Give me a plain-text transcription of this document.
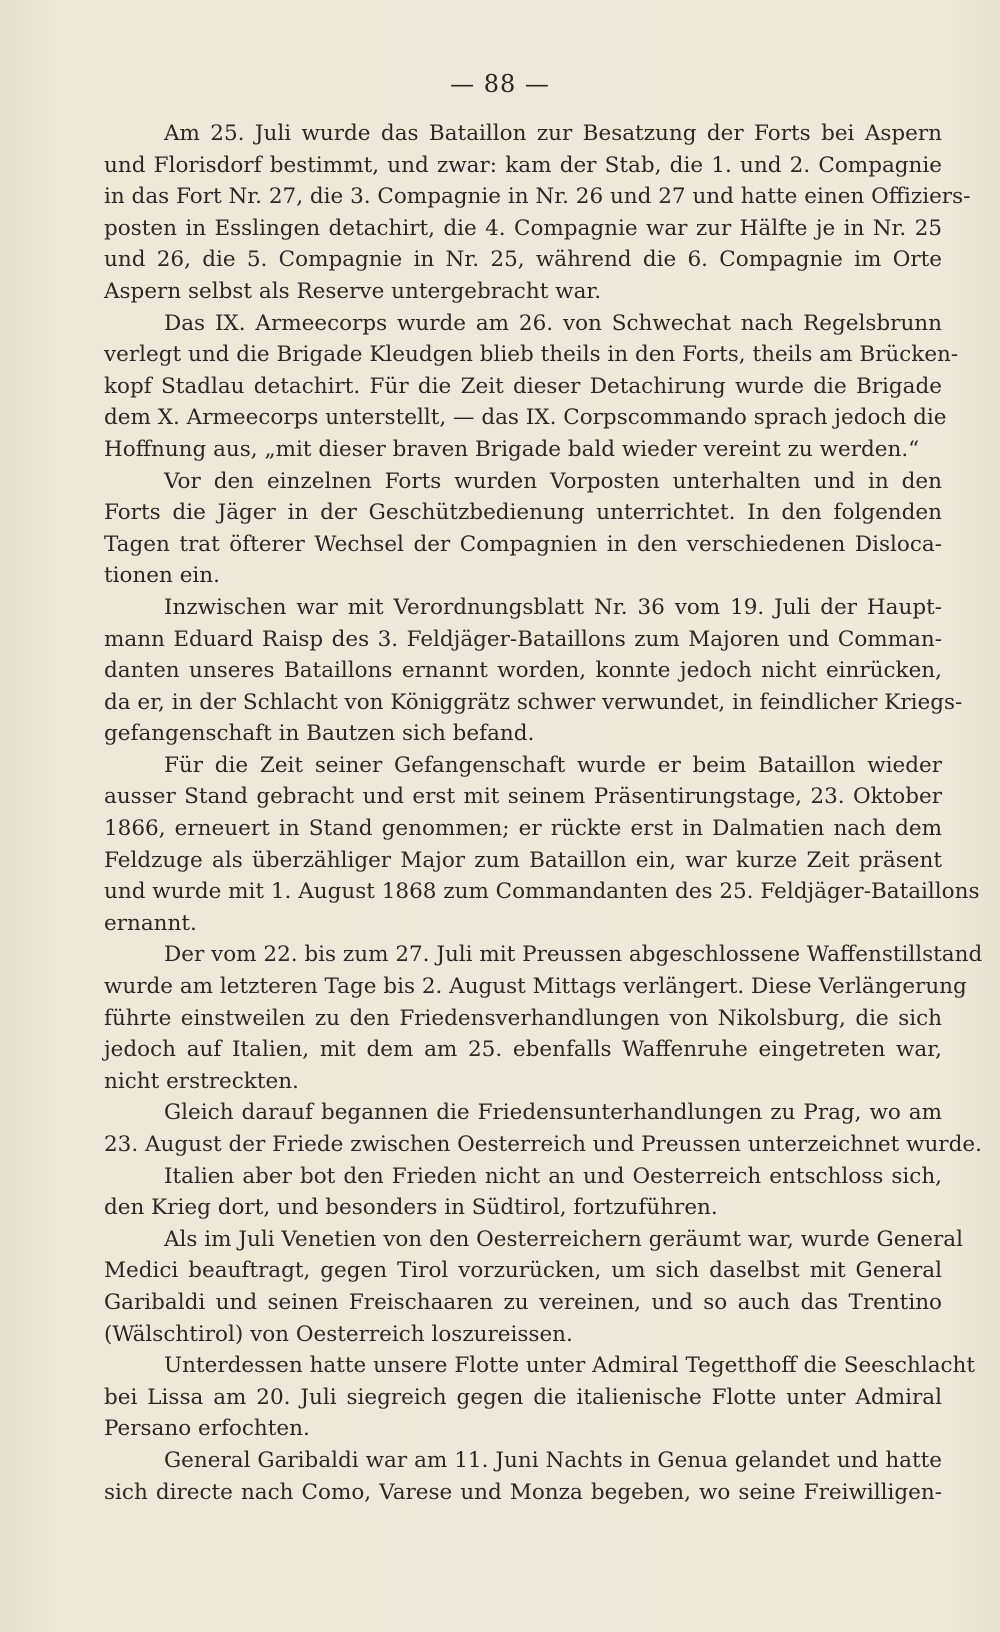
— 88 —
Am 25. Juli wurde das Bataillon zur Besatzung der Forts bei Aspern
und Florisdorf bestimmt, und zwar: kam der Stab, die 1. und 2. Compagnie
in das Fort Nr. 27, die 3. Compagnie in Nr. 26 und 27 und hatte einen Offiziers-
posten in Esslingen detachirt, die 4. Compagnie war zur Hälfte je in Nr. 25
und 26, die 5. Compagnie in Nr. 25, während die 6. Compagnie im Orte
Aspern selbst als Reserve untergebracht war.
Das IX. Armeecorps wurde am 26. von Schwechat nach Regelsbrunn
verlegt und die Brigade Kleudgen blieb theils in den Forts, theils am Brücken-
kopf Stadlau detachirt. Für die Zeit dieser Detachirung wurde die Brigade
dem X. Armeecorps unterstellt, — das IX. Corpscommando sprach jedoch die
Hoffnung aus, „mit dieser braven Brigade bald wieder vereint zu werden.“
Vor den einzelnen Forts wurden Vorposten unterhalten und in den
Forts die Jäger in der Geschützbedienung unterrichtet. In den folgenden
Tagen trat öfterer Wechsel der Compagnien in den verschiedenen Disloca-
tionen ein.
Inzwischen war mit Verordnungsblatt Nr. 36 vom 19. Juli der Haupt-
mann Eduard Raisp des 3. Feldjäger-Bataillons zum Majoren und Comman-
danten unseres Bataillons ernannt worden, konnte jedoch nicht einrücken,
da er, in der Schlacht von Königgrätz schwer verwundet, in feindlicher Kriegs-
gefangenschaft in Bautzen sich befand.
Für die Zeit seiner Gefangenschaft wurde er beim Bataillon wieder
ausser Stand gebracht und erst mit seinem Präsentirungstage, 23. Oktober
1866, erneuert in Stand genommen; er rückte erst in Dalmatien nach dem
Feldzuge als überzähliger Major zum Bataillon ein, war kurze Zeit präsent
und wurde mit 1. August 1868 zum Commandanten des 25. Feldjäger-Bataillons
ernannt.
Der vom 22. bis zum 27. Juli mit Preussen abgeschlossene Waffenstillstand
wurde am letzteren Tage bis 2. August Mittags verlängert. Diese Verlängerung
führte einstweilen zu den Friedensverhandlungen von Nikolsburg, die sich
jedoch auf Italien, mit dem am 25. ebenfalls Waffenruhe eingetreten war,
nicht erstreckten.
Gleich darauf begannen die Friedensunterhandlungen zu Prag, wo am
23. August der Friede zwischen Oesterreich und Preussen unterzeichnet wurde.
Italien aber bot den Frieden nicht an und Oesterreich entschloss sich,
den Krieg dort, und besonders in Südtirol, fortzuführen.
Als im Juli Venetien von den Oesterreichern geräumt war, wurde General
Medici beauftragt, gegen Tirol vorzurücken, um sich daselbst mit General
Garibaldi und seinen Freischaaren zu vereinen, und so auch das Trentino
(Wälschtirol) von Oesterreich loszureissen.
Unterdessen hatte unsere Flotte unter Admiral Tegetthoff die Seeschlacht
bei Lissa am 20. Juli siegreich gegen die italienische Flotte unter Admiral
Persano erfochten.
General Garibaldi war am 11. Juni Nachts in Genua gelandet und hatte
sich directe nach Como, Varese und Monza begeben, wo seine Freiwilligen-
